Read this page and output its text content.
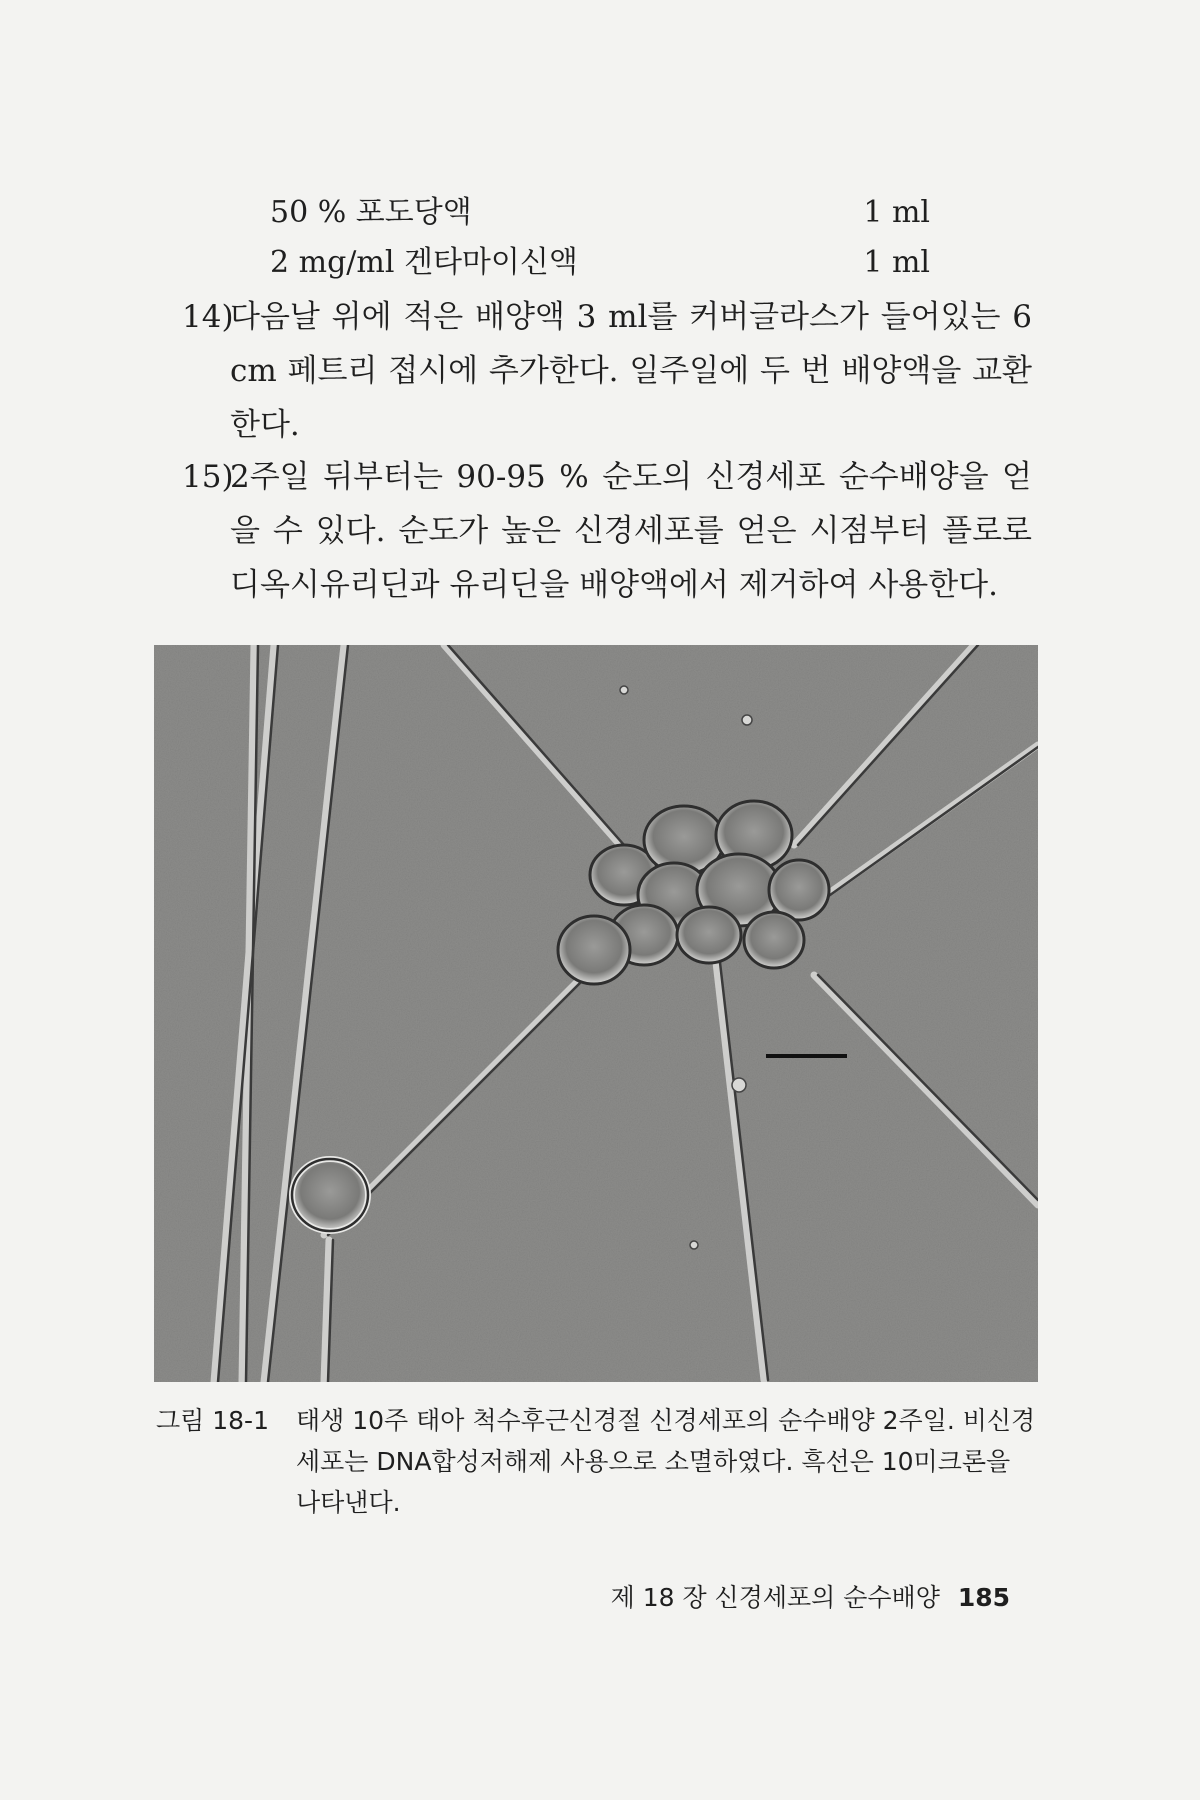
50 % 포도당액	1 ml
2 mg/ml 겐타마이신액	1 ml
14)
다음날 위에 적은 배양액 3 ml를 커버글라스가 들어있는 6 cm 페트리 접시에 추가한다. 일주일에 두 번 배양액을 교환한다.
15)
2주일 뒤부터는 90-95 % 순도의 신경세포 순수배양을 얻을 수 있다. 순도가 높은 신경세포를 얻은 시점부터 플로로디옥시유리딘과 유리딘을 배양액에서 제거하여 사용한다.
그림 18-1 태생 10주 태아 척수후근신경절 신경세포의 순수배양 2주일. 비신경세포는 DNA합성저해제 사용으로 소멸하였다. 흑선은 10미크론을 나타낸다.
제 18 장 신경세포의 순수배양 185
